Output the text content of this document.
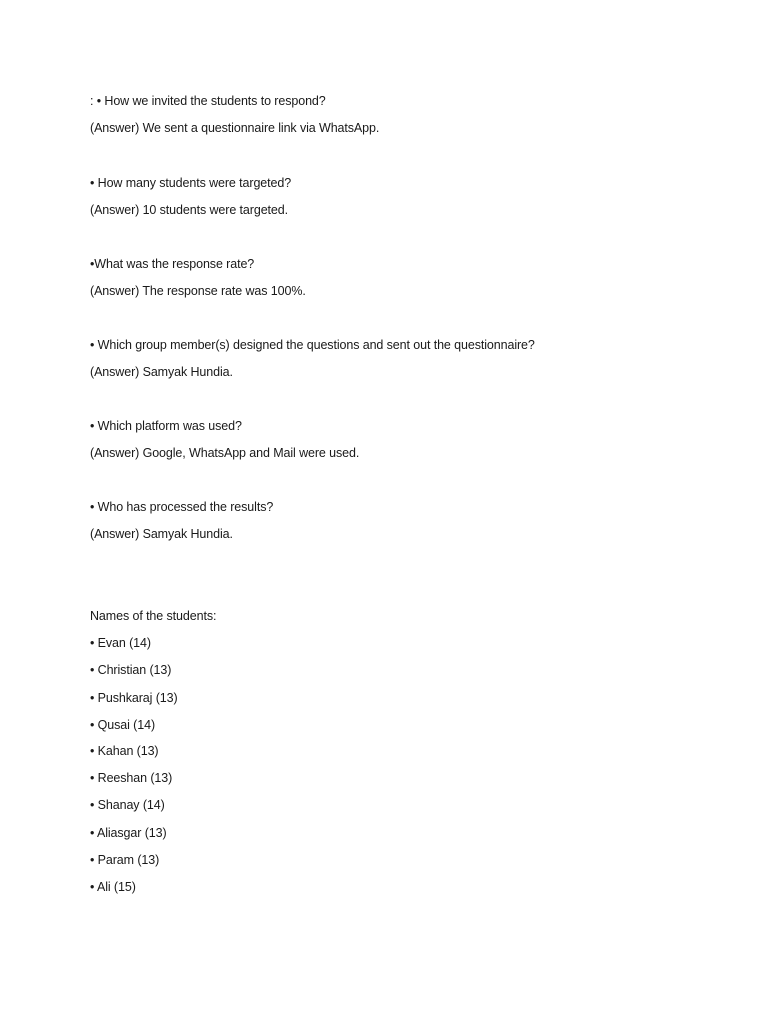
: • How we invited the students to respond?
(Answer) We sent a questionnaire link via WhatsApp.
• How many students were targeted?
(Answer) 10 students were targeted.
•What was the response rate?
(Answer) The response rate was 100%.
• Which group member(s) designed the questions and sent out the questionnaire?
(Answer) Samyak Hundia.
• Which platform was used?
(Answer) Google, WhatsApp and Mail were used.
• Who has processed the results?
(Answer) Samyak Hundia.
Names of the students:
• Evan (14)
• Christian (13)
• Pushkaraj (13)
• Qusai (14)
• Kahan (13)
• Reeshan (13)
• Shanay (14)
• Aliasgar (13)
• Param (13)
• Ali (15)
